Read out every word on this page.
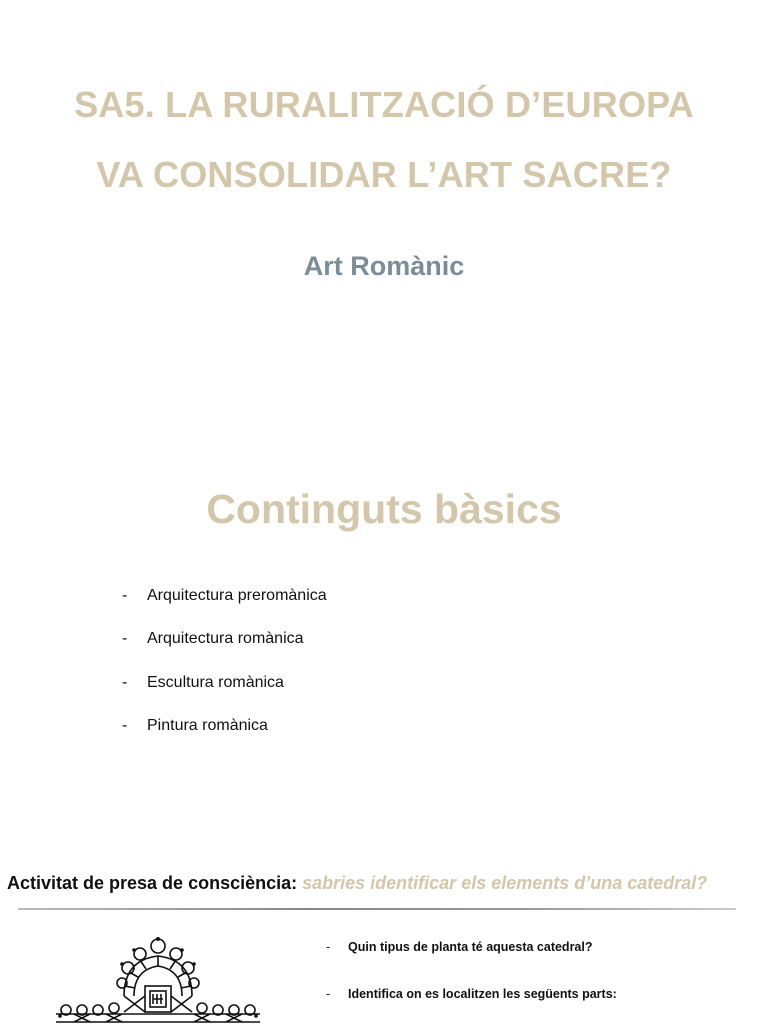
SA5. LA RURALITZACIÓ D’EUROPA
VA CONSOLIDAR L’ART SACRE?
Art Romànic
Continguts bàsics
- Arquitectura preromànica
- Arquitectura romànica
- Escultura romànica
- Pintura romànica
Activitat de presa de consciència: sabries identificar els elements d’una catedral?
- Quin tipus de planta té aquesta catedral?
- Identifica on es localitzen les següents parts:
